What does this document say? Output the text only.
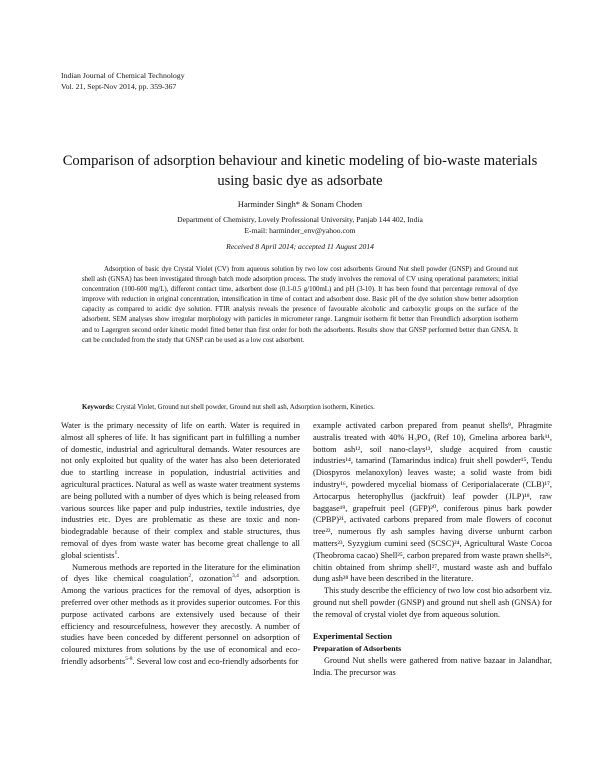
Indian Journal of Chemical Technology
Vol. 21, Sept-Nov 2014, pp. 359-367
Comparison of adsorption behaviour and kinetic modeling of bio-waste materials
using basic dye as adsorbate
Harminder Singh* & Sonam Choden
Department of Chemistry, Lovely Professional University, Panjab 144 402, India
E-mail: harminder_env@yahoo.com
Received 8 April 2014; accepted 11 August 2014

Adsorption of basic dye Crystal Violet (CV) from aqueous solution by two low cost adsorbents Ground Nut shell powder (GNSP) and Ground nut shell ash (GNSA) has been investigated through batch mode adsorption process. The study involves the removal of CV using operational parameters; initial concentration (100-600 mg/L), different contact time, adsorbent dose (0.1-0.5 g/100mL) and pH (3-10). It has been found that percentage removal of dye improve with reduction in original concentration, intensification in time of contact and adsorbent dose. Basic pH of the dye solution show better adsorption capacity as compared to acidic dye solution. FTIR analysis reveals the presence of favourable alcoholic and carboxylic groups on the surface of the adsorbent. SEM analyses show irregular morphology with particles in micrometer range. Langmuir isotherm fit better than Freundlich adsorption isotherm and to Lagergren second order kinetic model fitted better than first order for both the adsorbents. Results show that GNSP performed better than GNSA. It can be concluded from the study that GNSP can be used as a low cost adsorbent.

Keywords: Crystal Violet, Ground nut shell powder, Ground nut shell ash, Adsorption isotherm, Kinetics.

Water is the primary necessity of life on earth. Water is required in almost all spheres of life. It has significant part in fulfilling a number of domestic, industrial and agricultural demands. Water resources are not only exploited but quality of the water has also been deteriorated due to startling increase in population, industrial activities and agricultural practices. Natural as well as waste water treatment systems are being polluted with a number of dyes which is being released from various sources like paper and pulp industries, textile industries, dye industries etc. Dyes are problematic as these are toxic and non-biodegradable because of their complex and stable structures, thus removal of dyes from waste water has become great challenge to all global scientists$^1$.

Numerous methods are reported in the literature for the elimination of dyes like chemical coagulation$^2$, ozonation$^{3,4}$ and adsorption. Among the various practices for the removal of dyes, adsorption is preferred over other methods as it provides superior outcomes. For this purpose activated carbons are extensively used because of their efficiency and resourcefulness, however they arecostly. A number of studies have been conceded by different personnel on adsorption of coloured mixtures from solutions by the use of economical and eco-friendly adsorbents$^{5-8}$. Several low cost and eco-friendly adsorbents for

example activated carbon prepared from peanut shells⁹, Phragmite australis treated with 40% H₃PO₄ (Ref 10), Gmelina arborea bark¹¹, bottom ash¹², soil nano-clays¹³, sludge acquired from caustic industries¹⁴, tamarind (Tamarindus indica) fruit shell powder¹⁵, Tendu (Diospyros melanoxylon) leaves waste; a solid waste from bidi industry¹⁶, powdered mycelial biomass of Ceriporialacerate (CLB)¹⁷, Artocarpus heterophyllus (jackfruit) leaf powder (JLP)¹⁸, raw baggase¹⁹, grapefruit peel (GFP)²⁰, coniferous pinus bark powder (CPBP)²¹, activated carbons prepared from male flowers of coconut tree²², numerous fly ash samples having diverse unburnt carbon matters²³, Syzygium cumini seed (SCSC)²⁴, Agricultural Waste Cocoa (Theobroma cacao) Shell²⁵, carbon prepared from waste prawn shells²⁶, chitin obtained from shrimp shell²⁷, mustard waste ash and buffalo dung ash²⁸ have been described in the literature.

This study describe the efficiency of two low cost bio adsorbent viz. ground nut shell powder (GNSP) and ground nut shell ash (GNSA) for the removal of crystal violet dye from aqueous solution.

Experimental Section

Preparation of Adsorbents

Ground Nut shells were gathered from native bazaar in Jalandhar, India. The precursor was
